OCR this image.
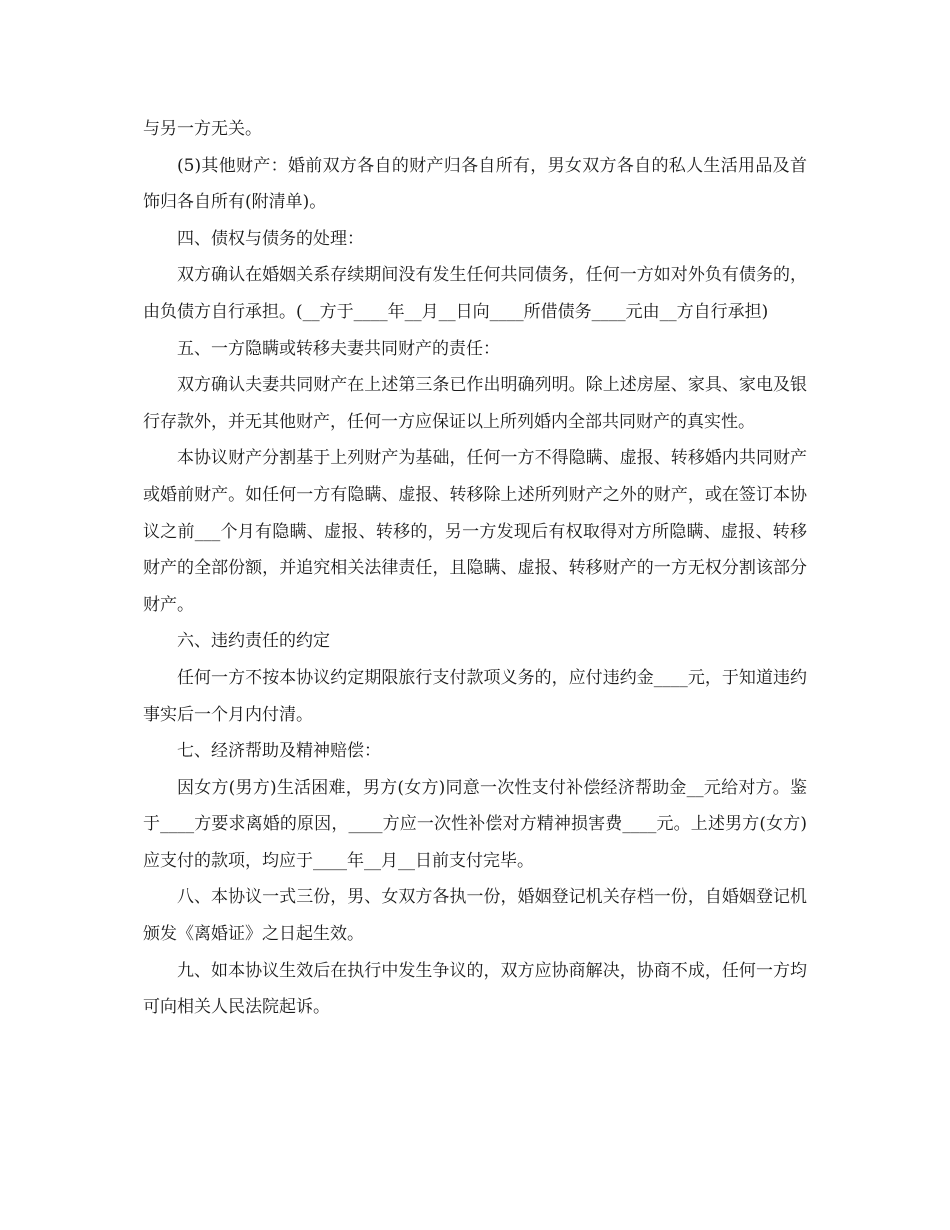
与另一方无关。

(5)其他财产：婚前双方各自的财产归各自所有，男女双方各自的私人生活用品及首饰归各自所有(附清单)。

四、债权与债务的处理：

双方确认在婚姻关系存续期间没有发生任何共同债务，任何一方如对外负有债务的，由负债方自行承担。(__方于____年__月__日向____所借债务____元由__方自行承担)

五、一方隐瞒或转移夫妻共同财产的责任：

双方确认夫妻共同财产在上述第三条已作出明确列明。除上述房屋、家具、家电及银行存款外，并无其他财产，任何一方应保证以上所列婚内全部共同财产的真实性。

本协议财产分割基于上列财产为基础，任何一方不得隐瞒、虚报、转移婚内共同财产或婚前财产。如任何一方有隐瞒、虚报、转移除上述所列财产之外的财产，或在签订本协议之前___个月有隐瞒、虚报、转移的，另一方发现后有权取得对方所隐瞒、虚报、转移财产的全部份额，并追究相关法律责任，且隐瞒、虚报、转移财产的一方无权分割该部分财产。

六、违约责任的约定

任何一方不按本协议约定期限旅行支付款项义务的，应付违约金____元，于知道违约事实后一个月内付清。

七、经济帮助及精神赔偿：

因女方(男方)生活困难，男方(女方)同意一次性支付补偿经济帮助金__元给对方。鉴于____方要求离婚的原因，____方应一次性补偿对方精神损害费____元。上述男方(女方)应支付的款项，均应于____年__月__日前支付完毕。

八、本协议一式三份，男、女双方各执一份，婚姻登记机关存档一份，自婚姻登记机颁发《离婚证》之日起生效。

九、如本协议生效后在执行中发生争议的，双方应协商解决，协商不成，任何一方均可向相关人民法院起诉。
